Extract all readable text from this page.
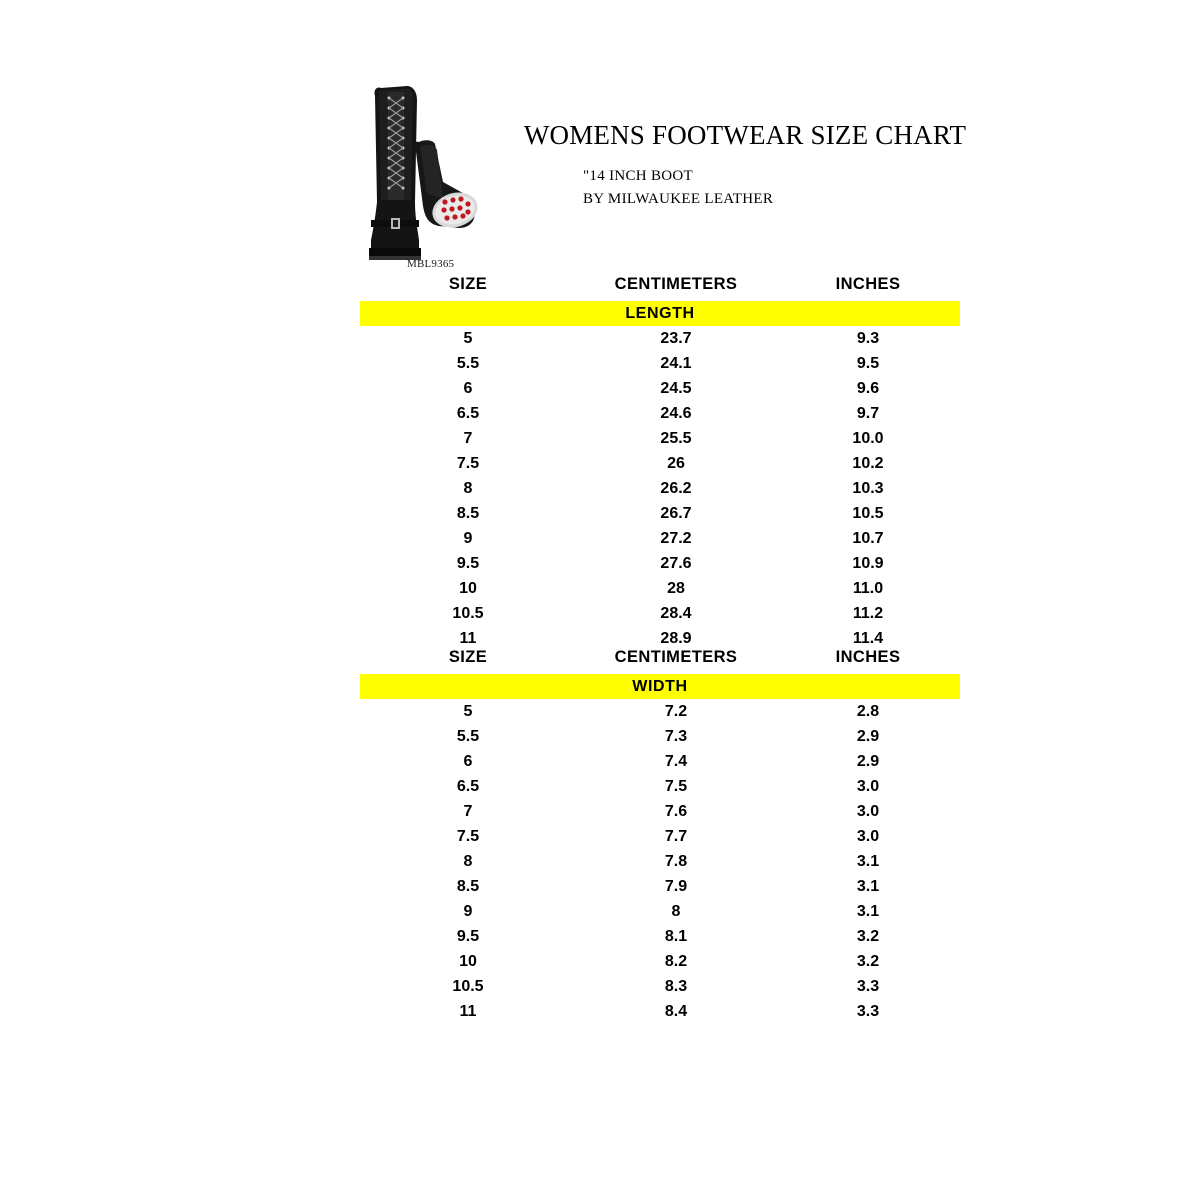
MBL9365
WOMENS FOOTWEAR SIZE CHART
"14 INCH BOOT
BY MILWAUKEE LEATHER
SIZE	CENTIMETERS	INCHES
LENGTH		
5	23.7	9.3
5.5	24.1	9.5
6	24.5	9.6
6.5	24.6	9.7
7	25.5	10.0
7.5	26	10.2
8	26.2	10.3
8.5	26.7	10.5
9	27.2	10.7
9.5	27.6	10.9
10	28	11.0
10.5	28.4	11.2
11	28.9	11.4
SIZE	CENTIMETERS	INCHES
WIDTH		
5	7.2	2.8
5.5	7.3	2.9
6	7.4	2.9
6.5	7.5	3.0
7	7.6	3.0
7.5	7.7	3.0
8	7.8	3.1
8.5	7.9	3.1
9	8	3.1
9.5	8.1	3.2
10	8.2	3.2
10.5	8.3	3.3
11	8.4	3.3
